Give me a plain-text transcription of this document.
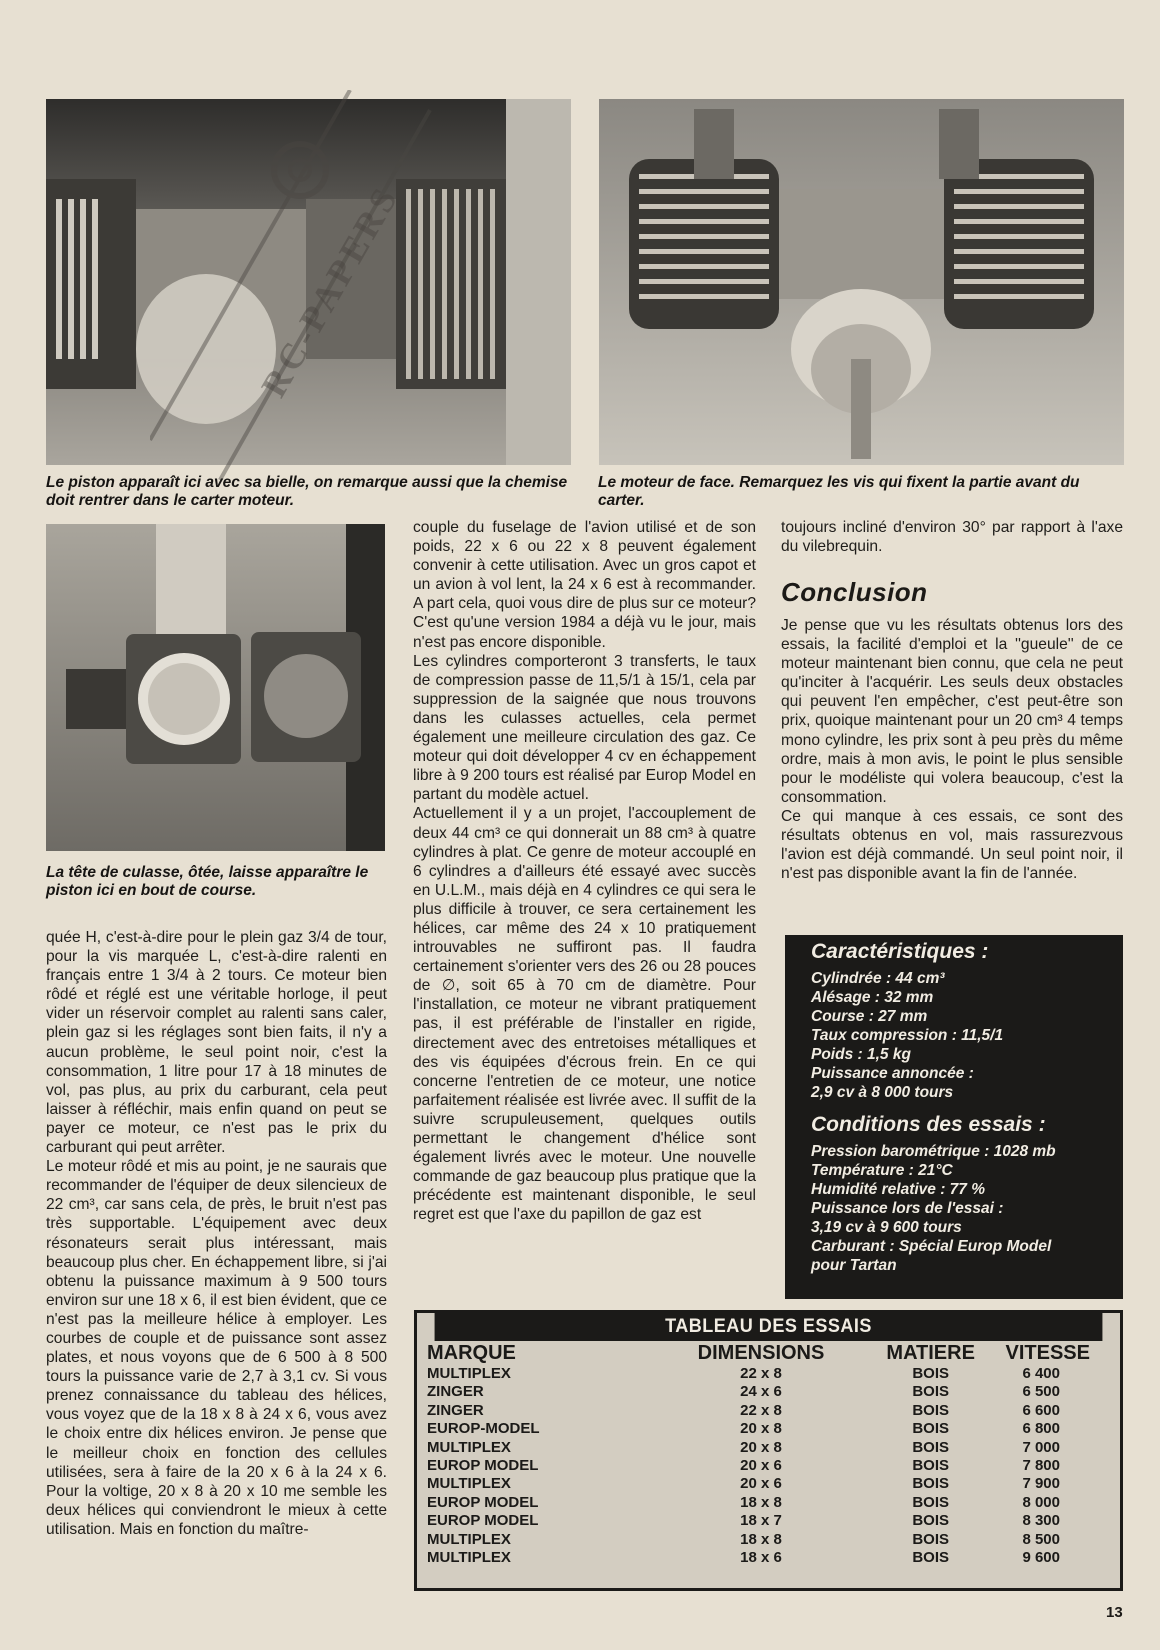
RC-PAPERS
Le piston apparaît ici avec sa bielle, on remarque aussi que la chemise doit rentrer dans le carter moteur.
Le moteur de face. Remarquez les vis qui fixent la partie avant du carter.
La tête de culasse, ôtée, laisse apparaître le piston ici en bout de course.

quée H, c'est-à-dire pour le plein gaz 3/4 de tour, pour la vis marquée L, c'est-à-dire ralenti en français entre 1 3/4 à 2 tours. Ce moteur bien rôdé et réglé est une véritable horloge, il peut vider un réservoir complet au ralenti sans caler, plein gaz si les réglages sont bien faits, il n'y a aucun problème, le seul point noir, c'est la consommation, 1 litre pour 17 à 18 minutes de vol, pas plus, au prix du carburant, cela peut laisser à réfléchir, mais enfin quand on peut se payer ce moteur, ce n'est pas le prix du carburant qui peut arrêter.

Le moteur rôdé et mis au point, je ne saurais que recommander de l'équiper de deux silencieux de 22 cm³, car sans cela, de près, le bruit n'est pas très supportable. L'équipement avec deux résonateurs serait plus intéressant, mais beaucoup plus cher. En échappement libre, si j'ai obtenu la puissance maximum à 9 500 tours environ sur une 18 x 6, il est bien évident, que ce n'est pas la meilleure hélice à employer. Les courbes de couple et de puissance sont assez plates, et nous voyons que de 6 500 à 8 500 tours la puissance varie de 2,7 à 3,1 cv. Si vous prenez connaissance du tableau des hélices, vous voyez que de la 18 x 8 à 24 x 6, vous avez le choix entre dix hélices environ. Je pense que le meilleur choix en fonction des cellules utilisées, sera à faire de la 20 x 6 à la 24 x 6. Pour la voltige, 20 x 8 à 20 x 10 me semble les deux hélices qui conviendront le mieux à cette utilisation. Mais en fonction du maître-

couple du fuselage de l'avion utilisé et de son poids, 22 x 6 ou 22 x 8 peuvent également convenir à cette utilisation. Avec un gros capot et un avion à vol lent, la 24 x 6 est à recommander. A part cela, quoi vous dire de plus sur ce moteur? C'est qu'une version 1984 a déjà vu le jour, mais n'est pas encore disponible.

Les cylindres comporteront 3 transferts, le taux de compression passe de 11,5/1 à 15/1, cela par suppression de la saignée que nous trouvons dans les culasses actuelles, cela permet également une meilleure circulation des gaz. Ce moteur qui doit développer 4 cv en échappement libre à 9 200 tours est réalisé par Europ Model en partant du modèle actuel.

Actuellement il y a un projet, l'accouplement de deux 44 cm³ ce qui donnerait un 88 cm³ à quatre cylindres à plat. Ce genre de moteur accouplé en 6 cylindres a d'ailleurs été essayé avec succès en U.L.M., mais déjà en 4 cylindres ce qui sera le plus difficile à trouver, ce sera certainement les hélices, car même des 24 x 10 pratiquement introuvables ne suffiront pas. Il faudra certainement s'orienter vers des 26 ou 28 pouces de ∅, soit 65 à 70 cm de diamètre. Pour l'installation, ce moteur ne vibrant pratiquement pas, il est préférable de l'installer en rigide, directement avec des entretoises métalliques et des vis équipées d'écrous frein. En ce qui concerne l'entretien de ce moteur, une notice parfaitement réalisée est livrée avec. Il suffit de la suivre scrupuleusement, quelques outils permettant le changement d'hélice sont également livrés avec le moteur. Une nouvelle commande de gaz beaucoup plus pratique que la précédente est maintenant disponible, le seul regret est que l'axe du papillon de gaz est

toujours incliné d'environ 30° par rapport à l'axe du vilebrequin.

Conclusion

Je pense que vu les résultats obtenus lors des essais, la facilité d'emploi et la ''gueule'' de ce moteur maintenant bien connu, que cela ne peut qu'inciter à l'acquérir. Les seuls deux obstacles qui peuvent l'en empêcher, c'est peut-être son prix, quoique maintenant pour un 20 cm³ 4 temps mono cylindre, les prix sont à peu près du même ordre, mais à mon avis, le point le plus sensible pour le modéliste qui volera beaucoup, c'est la consommation.

Ce qui manque à ces essais, ce sont des résultats obtenus en vol, mais rassurezvous l'avion est déjà commandé. Un seul point noir, il n'est pas disponible avant la fin de l'année.

Caractéristiques :
Cylindrée : 44 cm³
Alésage : 32 mm
Course : 27 mm
Taux compression : 11,5/1
Poids : 1,5 kg
Puissance annoncée :
2,9 cv à 8 000 tours
Conditions des essais :
Pression barométrique : 1028 mb
Température : 21°C
Humidité relative : 77 %
Puissance lors de l'essai :
3,19 cv à 9 600 tours
Carburant : Spécial Europ Model
pour Tartan
TABLEAU DES ESSAIS
MARQUE	DIMENSIONS	MATIERE	VITESSE
MULTIPLEX	22 x 8	BOIS	6 400
ZINGER	24 x 6	BOIS	6 500
ZINGER	22 x 8	BOIS	6 600
EUROP-MODEL	20 x 8	BOIS	6 800
MULTIPLEX	20 x 8	BOIS	7 000
EUROP MODEL	20 x 6	BOIS	7 800
MULTIPLEX	20 x 6	BOIS	7 900
EUROP MODEL	18 x 8	BOIS	8 000
EUROP MODEL	18 x 7	BOIS	8 300
MULTIPLEX	18 x 8	BOIS	8 500
MULTIPLEX	18 x 6	BOIS	9 600
13
